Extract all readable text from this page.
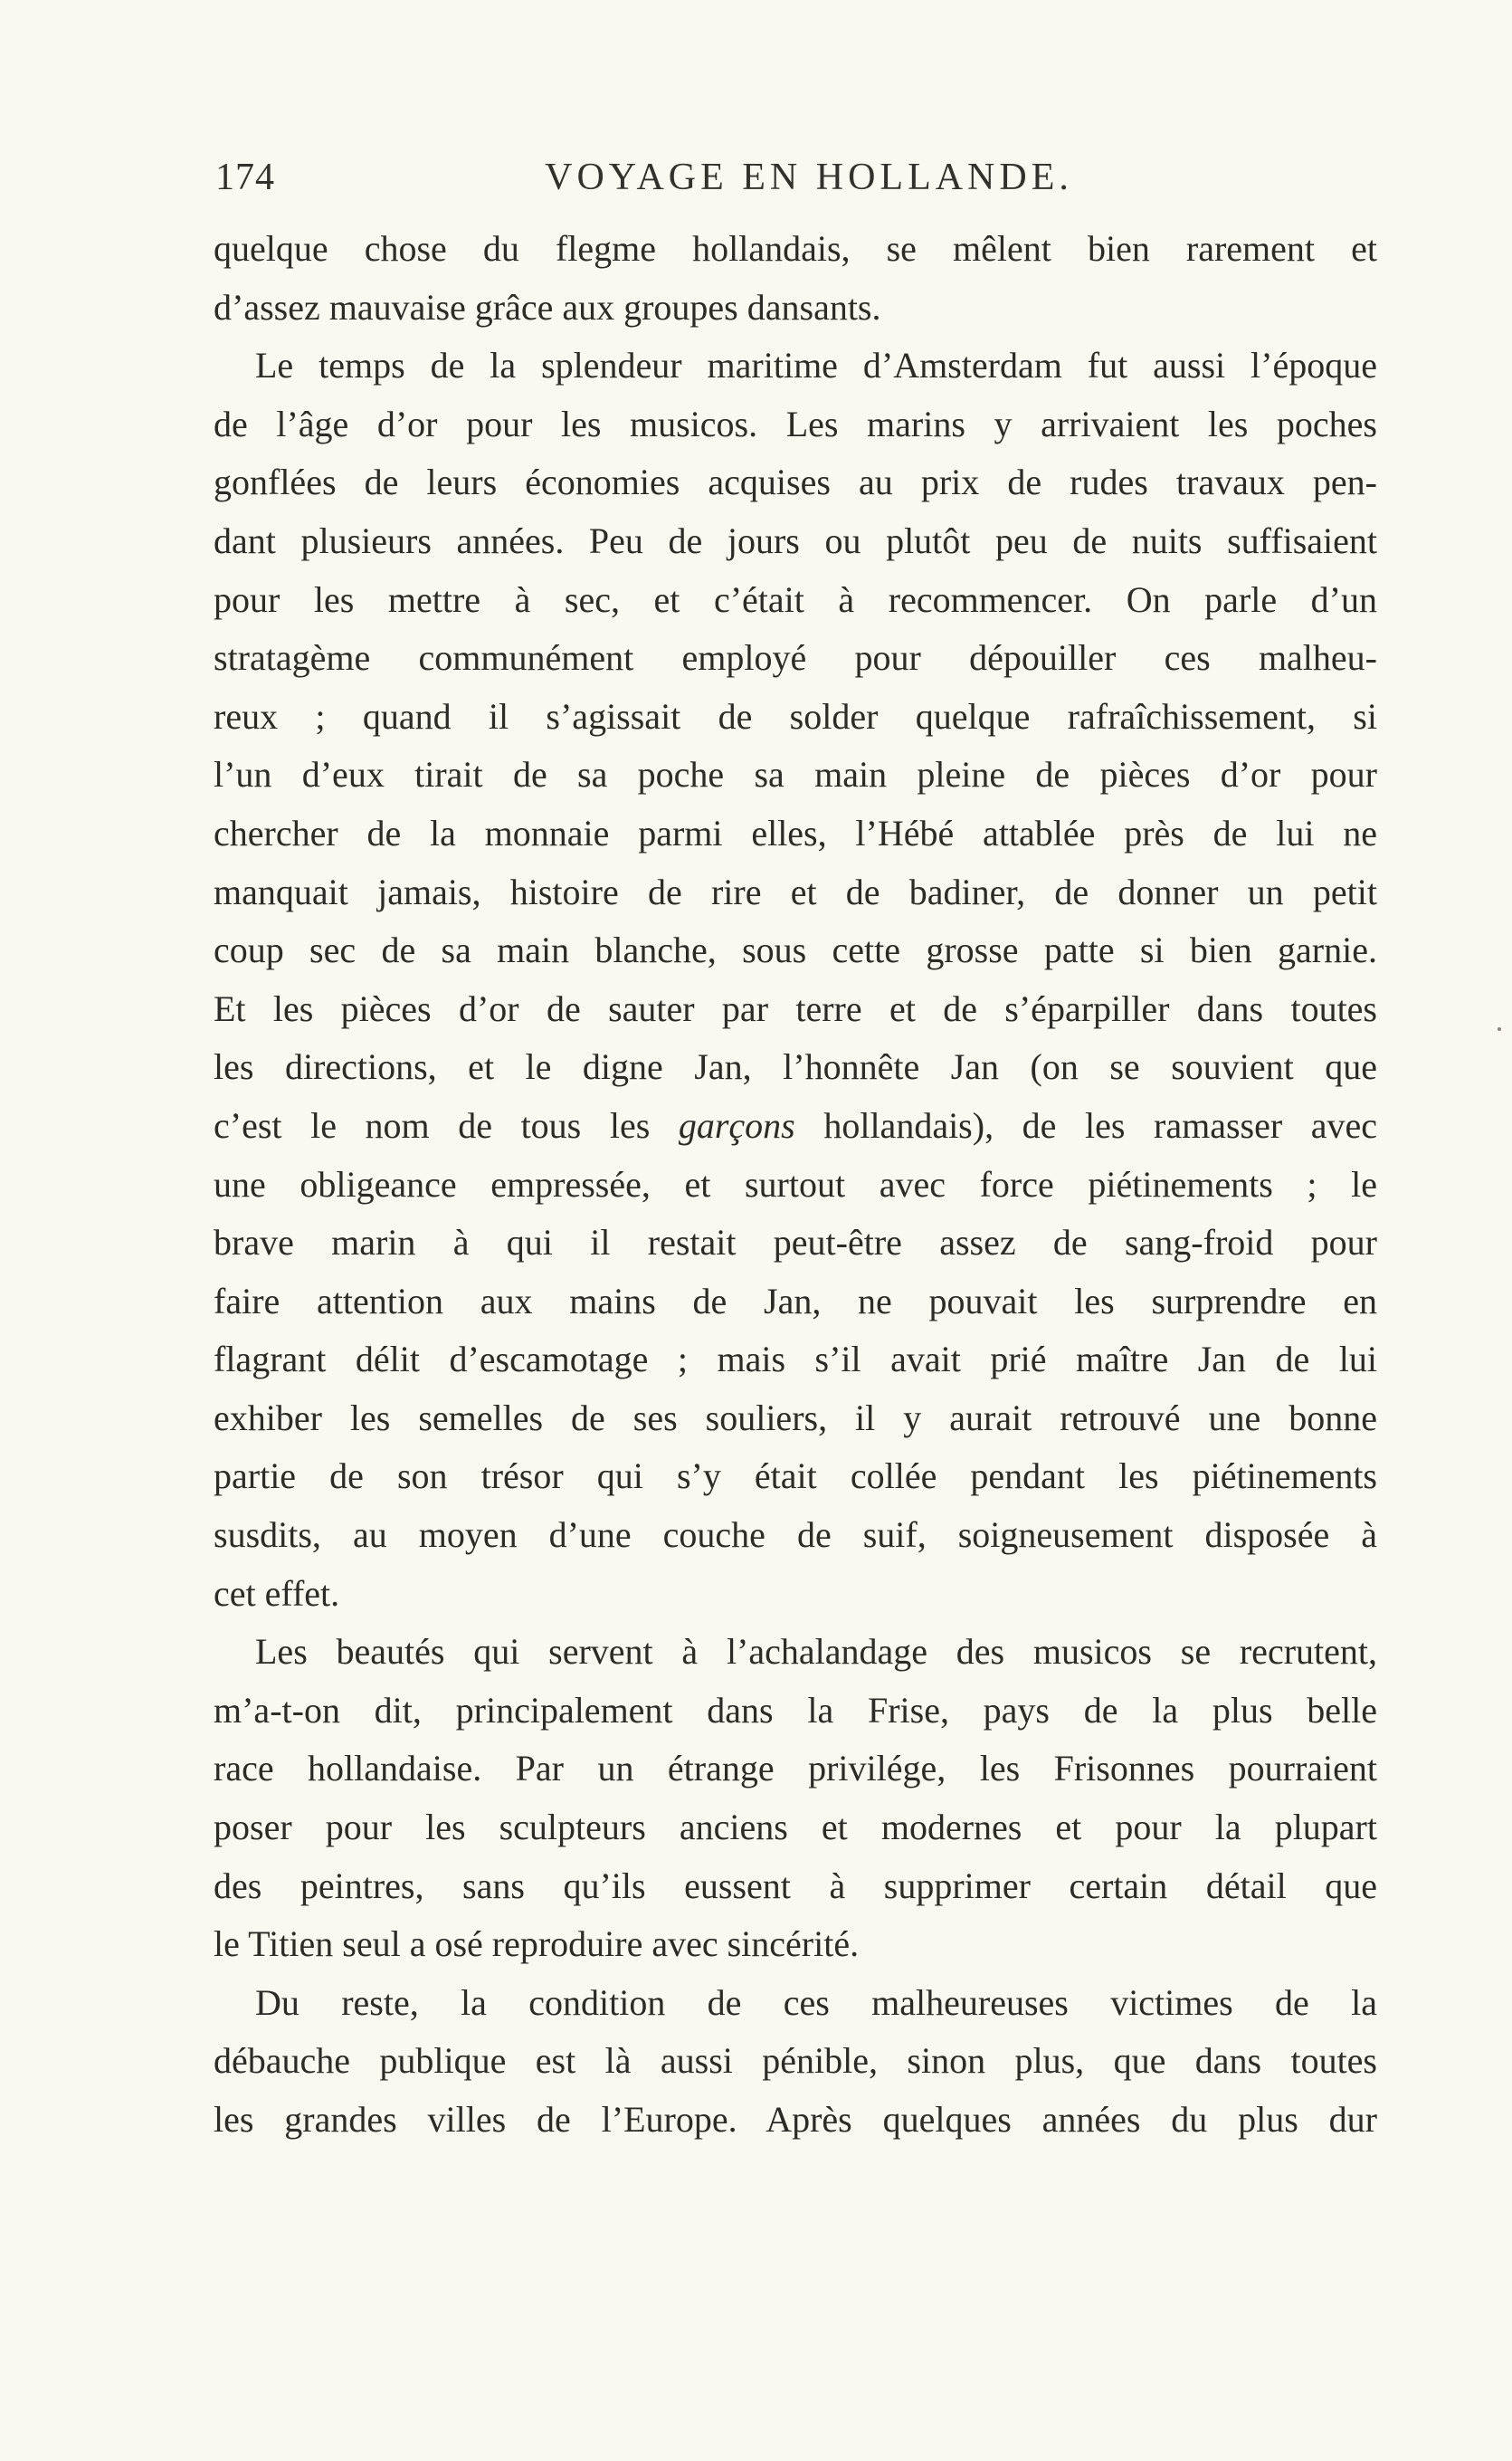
174	VOYAGE EN HOLLANDE.
quelque chose du flegme hollandais, se mêlent bien rarement et
d’assez mauvaise grâce aux groupes dansants.
Le temps de la splendeur maritime d’Amsterdam fut aussi l’époque
de l’âge d’or pour les musicos. Les marins y arrivaient les poches
gonflées de leurs économies acquises au prix de rudes travaux pen-
dant plusieurs années. Peu de jours ou plutôt peu de nuits suffisaient
pour les mettre à sec, et c’était à recommencer. On parle d’un
stratagème communément employé pour dépouiller ces malheu-
reux ; quand il s’agissait de solder quelque rafraîchissement, si
l’un d’eux tirait de sa poche sa main pleine de pièces d’or pour
chercher de la monnaie parmi elles, l’Hébé attablée près de lui ne
manquait jamais, histoire de rire et de badiner, de donner un petit
coup sec de sa main blanche, sous cette grosse patte si bien garnie.
Et les pièces d’or de sauter par terre et de s’éparpiller dans toutes
les directions, et le digne Jan, l’honnête Jan (on se souvient que
c’est le nom de tous les garçons hollandais), de les ramasser avec
une obligeance empressée, et surtout avec force piétinements ; le
brave marin à qui il restait peut-être assez de sang-froid pour
faire attention aux mains de Jan, ne pouvait les surprendre en
flagrant délit d’escamotage ; mais s’il avait prié maître Jan de lui
exhiber les semelles de ses souliers, il y aurait retrouvé une bonne
partie de son trésor qui s’y était collée pendant les piétinements
susdits, au moyen d’une couche de suif, soigneusement disposée à
cet effet.
Les beautés qui servent à l’achalandage des musicos se recrutent,
m’a-t-on dit, principalement dans la Frise, pays de la plus belle
race hollandaise. Par un étrange privilége, les Frisonnes pourraient
poser pour les sculpteurs anciens et modernes et pour la plupart
des peintres, sans qu’ils eussent à supprimer certain détail que
le Titien seul a osé reproduire avec sincérité.
Du reste, la condition de ces malheureuses victimes de la
débauche publique est là aussi pénible, sinon plus, que dans toutes
les grandes villes de l’Europe. Après quelques années du plus dur
